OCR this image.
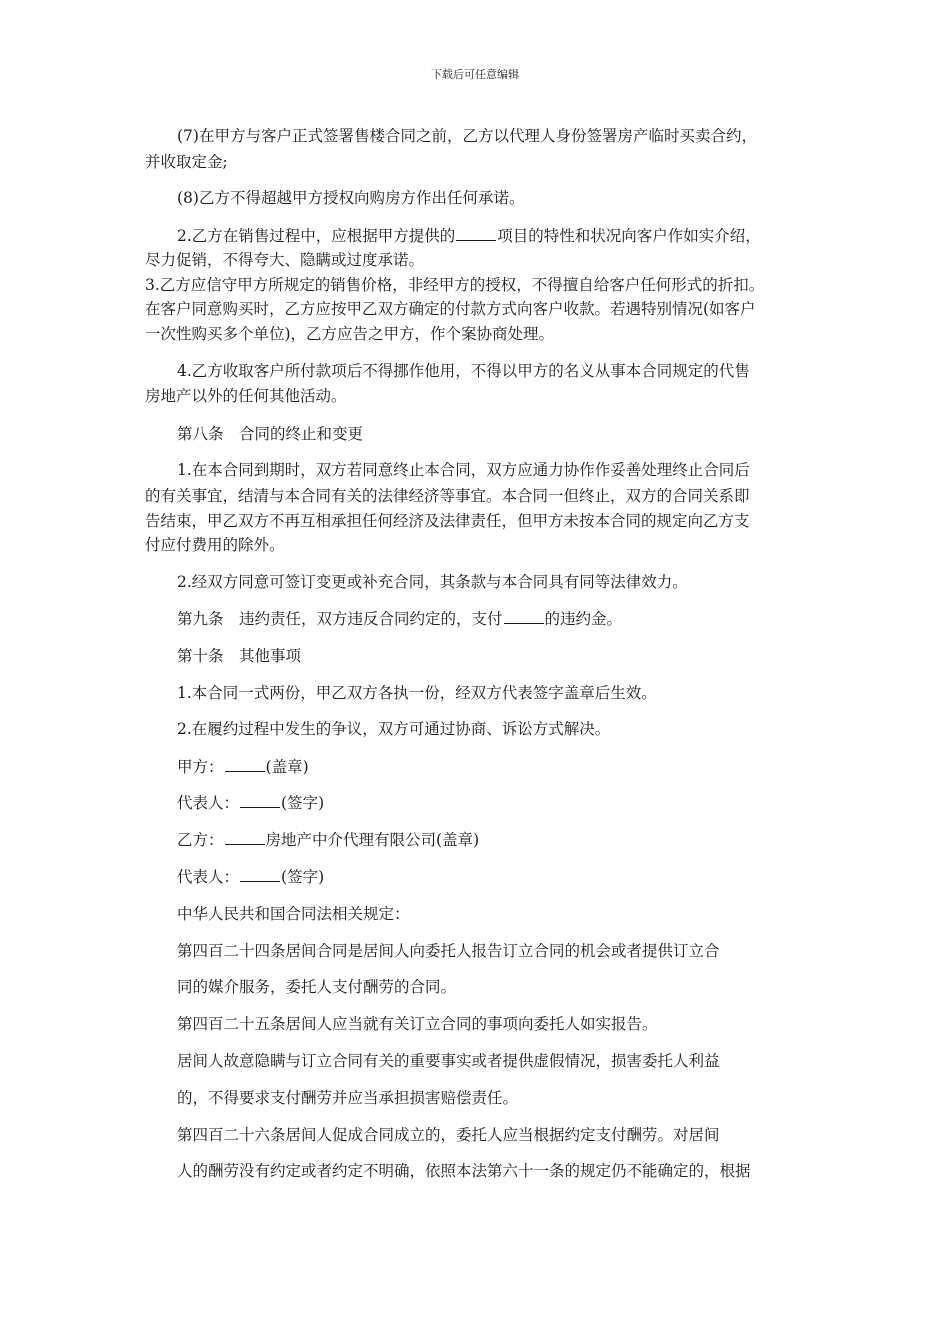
下载后可任意编辑
(7)在甲方与客户正式签署售楼合同之前，乙方以代理人身份签署房产临时买卖合约，
并收取定金;
(8)乙方不得超越甲方授权向购房方作出任何承诺。
2.乙方在销售过程中，应根据甲方提供的	项目的特性和状况向客户作如实介绍，
尽力促销，不得夸大、隐瞒或过度承诺。
3.乙方应信守甲方所规定的销售价格，非经甲方的授权，不得擅自给客户任何形式的折扣。
在客户同意购买时，乙方应按甲乙双方确定的付款方式向客户收款。若遇特别情况(如客户
一次性购买多个单位)，乙方应告之甲方，作个案协商处理。
4.乙方收取客户所付款项后不得挪作他用，不得以甲方的名义从事本合同规定的代售
房地产以外的任何其他活动。
第八条　合同的终止和变更
1.在本合同到期时，双方若同意终止本合同，双方应通力协作作妥善处理终止合同后
的有关事宜，结清与本合同有关的法律经济等事宜。本合同一但终止，双方的合同关系即
告结束，甲乙双方不再互相承担任何经济及法律责任，但甲方未按本合同的规定向乙方支
付应付费用的除外。
2.经双方同意可签订变更或补充合同，其条款与本合同具有同等法律效力。
第九条　违约责任，双方违反合同约定的，支付	的违约金。
第十条　其他事项
1.本合同一式两份，甲乙双方各执一份，经双方代表签字盖章后生效。
2.在履约过程中发生的争议，双方可通过协商、诉讼方式解决。
甲方：	(盖章)
代表人：	(签字)
乙方：	房地产中介代理有限公司(盖章)
代表人：	(签字)
中华人民共和国合同法相关规定：
第四百二十四条居间合同是居间人向委托人报告订立合同的机会或者提供订立合
同的媒介服务，委托人支付酬劳的合同。
第四百二十五条居间人应当就有关订立合同的事项向委托人如实报告。
居间人故意隐瞒与订立合同有关的重要事实或者提供虚假情况，损害委托人利益
的，不得要求支付酬劳并应当承担损害赔偿责任。
第四百二十六条居间人促成合同成立的，委托人应当根据约定支付酬劳。对居间
人的酬劳没有约定或者约定不明确，依照本法第六十一条的规定仍不能确定的，根据
